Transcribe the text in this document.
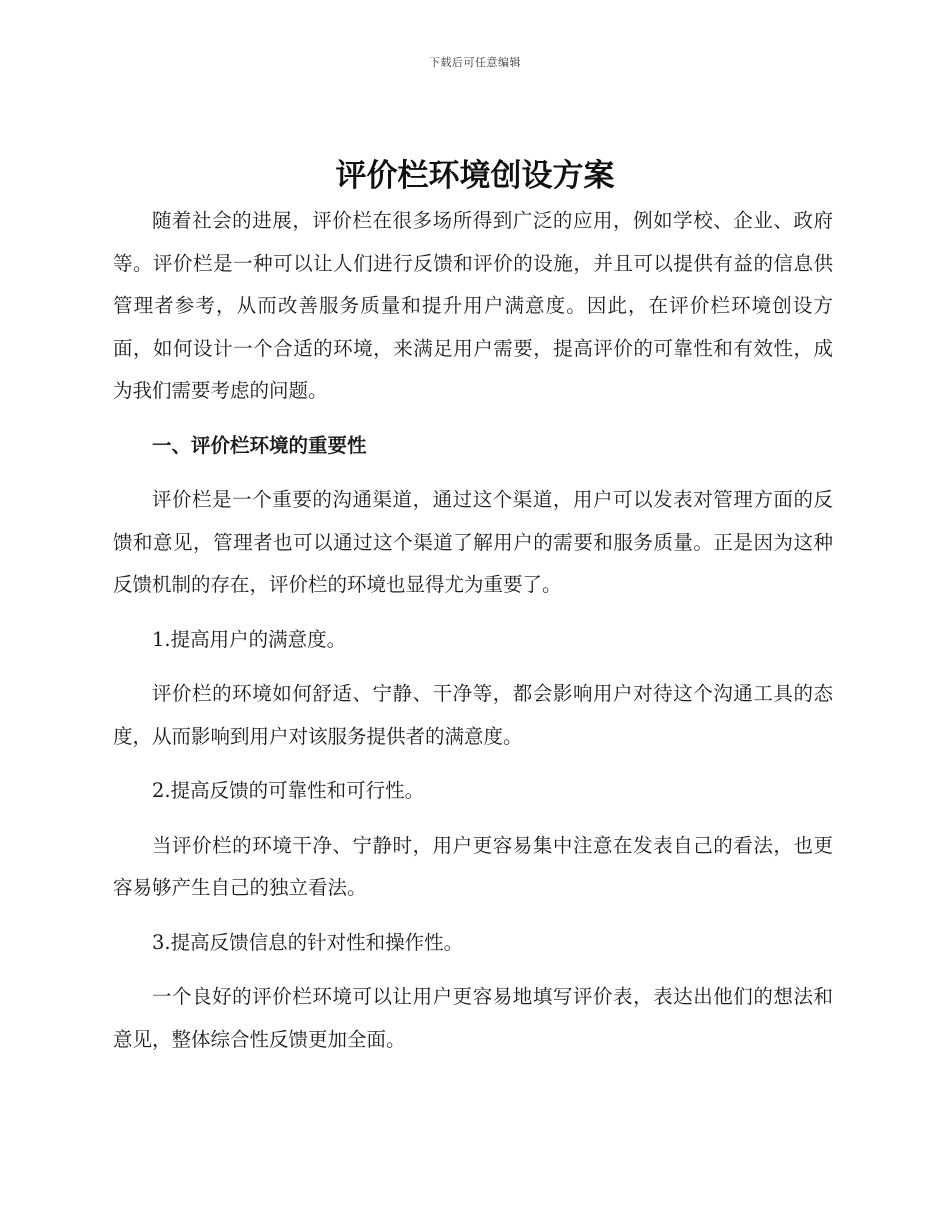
下载后可任意编辑
评价栏环境创设方案

随着社会的进展，评价栏在很多场所得到广泛的应用，例如学校、企业、政府等。评价栏是一种可以让人们进行反馈和评价的设施，并且可以提供有益的信息供管理者参考，从而改善服务质量和提升用户满意度。因此，在评价栏环境创设方面，如何设计一个合适的环境，来满足用户需要，提高评价的可靠性和有效性，成为我们需要考虑的问题。

一、评价栏环境的重要性

评价栏是一个重要的沟通渠道，通过这个渠道，用户可以发表对管理方面的反馈和意见，管理者也可以通过这个渠道了解用户的需要和服务质量。正是因为这种反馈机制的存在，评价栏的环境也显得尤为重要了。

1.提高用户的满意度。

评价栏的环境如何舒适、宁静、干净等，都会影响用户对待这个沟通工具的态度，从而影响到用户对该服务提供者的满意度。

2.提高反馈的可靠性和可行性。

当评价栏的环境干净、宁静时，用户更容易集中注意在发表自己的看法，也更容易够产生自己的独立看法。

3.提高反馈信息的针对性和操作性。

一个良好的评价栏环境可以让用户更容易地填写评价表，表达出他们的想法和意见，整体综合性反馈更加全面。
